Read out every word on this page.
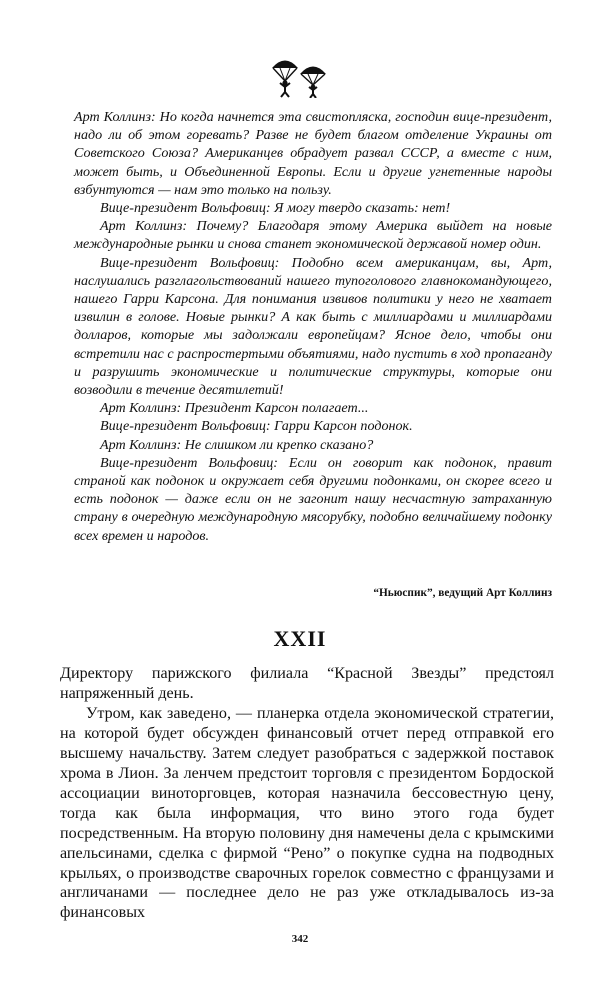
Арт Коллинз: Но когда начнется эта свистопляска, господин вице-президент, надо ли об этом горевать? Разве не будет благом отделение Украины от Советского Союза? Американцев обрадует развал СССР, а вместе с ним, может быть, и Объединенной Европы. Если и другие угнетенные народы взбунтуются — нам это только на пользу.

Вице-президент Вольфовиц: Я могу твердо сказать: нет!

Арт Коллинз: Почему? Благодаря этому Америка выйдет на новые международные рынки и снова станет экономической державой номер один.

Вице-президент Вольфовиц: Подобно всем американцам, вы, Арт, наслушались разглагольствований нашего тупоголового главнокомандующего, нашего Гарри Карсона. Для понимания извивов политики у него не хватает извилин в голове. Новые рынки? А как быть с миллиардами и миллиардами долларов, которые мы задолжали европейцам? Ясное дело, чтобы они встретили нас с распростертыми объятиями, надо пустить в ход пропаганду и разрушить экономические и политические структуры, которые они возводили в течение десятилетий!

Арт Коллинз: Президент Карсон полагает...

Вице-президент Вольфовиц: Гарри Карсон подонок.

Арт Коллинз: Не слишком ли крепко сказано?

Вице-президент Вольфовиц: Если он говорит как подонок, правит страной как подонок и окружает себя другими подонками, он скорее всего и есть подонок — даже если он не загонит нашу несчастную затраханную страну в очередную международную мясорубку, подобно величайшему подонку всех времен и народов.

“Ньюспик”, ведущий Арт Коллинз
XXII

Директору парижского филиала “Красной Звезды” предстоял напряженный день.

Утром, как заведено, — планерка отдела экономической стратегии, на которой будет обсужден финансовый отчет перед отправкой его высшему начальству. Затем следует разобраться с задержкой поставок хрома в Лион. За ленчем предстоит торговля с президентом Бордоской ассоциации виноторговцев, которая назначила бессовестную цену, тогда как была информация, что вино этого года будет посредственным. На вторую половину дня намечены дела с крымскими апельсинами, сделка с фирмой “Рено” о покупке судна на подводных крыльях, о производстве сварочных горелок совместно с французами и англичанами — последнее дело не раз уже откладывалось из-за финансовых

342
